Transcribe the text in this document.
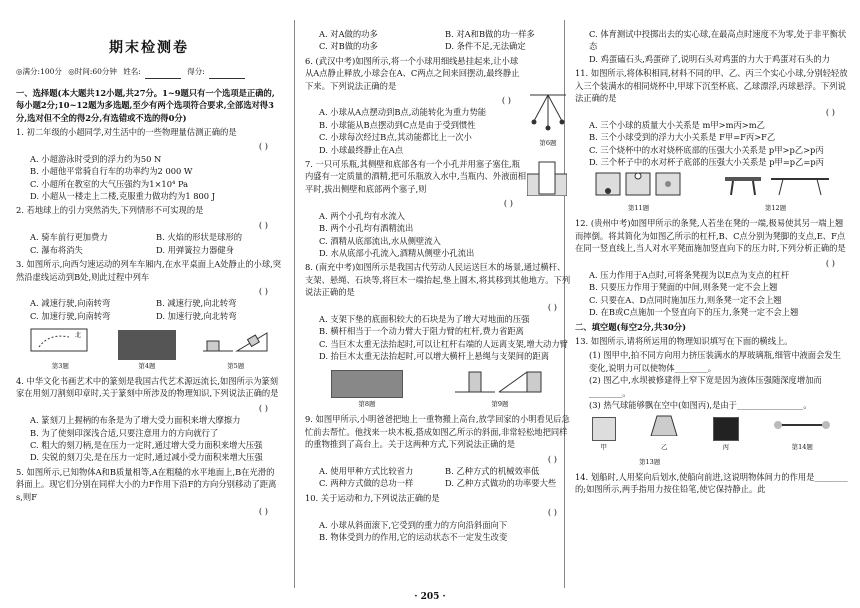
期末检测卷
◎满分:100分 ◎时间:60分钟 姓名:	得分:
一、选择题(本大题共12小题,共27分。1~9题只有一个选项是正确的,每小题2分;10~12题为多选题,至少有两个选项符合要求,全部选对得3分,选对但不全的得2分,有选错或不选的得0分)
1. 初二年级的小超同学,对生活中的一些物理量估测正确的是
( )
A. 小超游泳时受到的浮力约为50 N
B. 小超他平常骑自行车的功率约为2 000 W
C. 小超所在教室的大气压强约为1×10⁴ Pa
D. 小超从一楼走上二楼,克服重力做功约为1 800 J
2. 若地球上的引力突然消失,下列情形不可实现的是
( )
A. 骑车前行更加费力	B. 火焰的形状是球形的
C. 瀑布将消失	D. 用弹簧拉力器健身
3. 如图所示,向西匀速运动的列车车厢内,在水平桌面上A处静止的小球,突然沿虚线运动到B处,则此过程中列车
( )
A. 减速行驶,向南转弯	B. 减速行驶,向北转弯
C. 加速行驶,向南转弯	D. 加速行驶,向北转弯
北
第3题	第4题	第5题
4. 中华文化书画艺术中的篆刻是我国古代艺术源远流长,如图所示为篆刻家在用刻刀割刻印章时,关于篆刻中所涉及的物理知识,下列说法正确的是
( )
A. 篆刻刀上握柄的布条是为了增大受力面积来增大摩擦力
B. 为了使刻印深浅合适,只要注意用力的方向就行了
C. 粗大的刻刀柄,是在压力一定时,通过增大受力面积来增大压强
D. 尖锐的刻刀尖,是在压力一定时,通过减小受力面积来增大压强
5. 如图所示,已知物体A和B质量相等,A在粗糙的水平地面上,B在光滑的斜面上。现它们分别在同样大小的力F作用下沿F的方向分别移动了距离s,则F
( )
A. 对A做的功多	B. 对A和B做的功一样多
C. 对B做的功多	D. 条件不足,无法确定
6. (武汉中考)如图所示,将一个小球用细线悬挂起来,让小球从A点静止释放,小球会在A、C两点之间来回摆动,最终静止下来。下列说法正确的是
( )
A. 小球从A点摆动到B点,动能转化为重力势能
B. 小球能从B点摆动到C点是由于受到惯性
C. 小球每次经过B点,其动能都比上一次小
D. 小球最终静止在A点
第6题
7. 一只可乐瓶,其侧壁和底部各有一个小孔并用塞子塞住,瓶内盛有一定质量的酒精,把可乐瓶放入水中,当瓶内、外液面相平时,拔出侧壁和底部两个塞子,则
( )
A. 两个小孔均有水流入
B. 两个小孔均有酒精流出
C. 酒精从底部流出,水从侧壁流入
D. 水从底部小孔流入,酒精从侧壁小孔流出
8. (南充中考)如图所示是我国古代劳动人民运送巨木的场景,通过横杆、支架、悬绳、石块等,将巨木一端抬起,垫上圆木,将其移到其他地方。下列说法正确的是
( )
A. 支架下垫的底面积较大的石块是为了增大对地面的压强
B. 横杆相当于一个动力臂大于阻力臂的杠杆,费力省距离
C. 当巨木太重无法抬起时,可以让杠杆右端的人远离支架,增大动力臂
D. 抬巨木太重无法抬起时,可以增大横杆上悬绳与支架间的距离
第8题	第9题
9. 如图甲所示,小明爸爸把地上一重物搬上高台,放学回家的小明看见后急忙前去帮忙。他找来一块木板,搭成如图乙所示的斜面,非常轻松地把同样的重物推到了高台上。关于这两种方式,下列说法正确的是
( )
A. 使用甲种方式比较省力	B. 乙种方式的机械效率低
C. 两种方式做的总功一样	D. 乙种方式做功的功率要大些
10. 关于运动和力,下列说法正确的是
( )
A. 小球从斜面滚下,它受到的重力的方向沿斜面向下
B. 物体受到力的作用,它的运动状态不一定发生改变
C. 体育测试中投掷出去的实心球,在最高点时速度不为零,处于非平衡状态
D. 鸡蛋磕石头,鸡蛋碎了,说明石头对鸡蛋的力大于鸡蛋对石头的力
11. 如图所示,将体积相同,材料不同的甲、乙、丙三个实心小球,分别轻轻放入三个装满水的相同烧杯中,甲球下沉至杯底、乙球漂浮,丙球悬浮。下列说法正确的是
( )
A. 三个小球的质量大小关系是 m甲>m丙>m乙
B. 三个小球受到的浮力大小关系是 F甲=F丙>F乙
C. 三个烧杯中的水对烧杯底部的压强大小关系是 p甲>p乙>p丙
D. 三个杯子中的水对杯子底部的压强大小关系是 p甲=p乙=p丙
第11题	第12题
12. (贵州中考)如图甲所示的条凳,人若坐在凳的一端,极易使其另一端上翘而摔倒。将其简化为如图乙所示的杠杆,B、C点分别为凳脚的支点,E、F点在同一竖直线上,当人对水平凳面施加竖直向下的压力时,下列分析正确的是
( )
A. 压力作用于A点时,可将条凳视为以E点为支点的杠杆
B. 只要压力作用于凳面的中间,则条凳一定不会上翘
C. 只要在A、D点同时施加压力,则条凳一定不会上翘
D. 在B或C点施加一个竖直向下的压力,条凳一定不会上翘
二、填空题(每空2分,共30分)
13. 如图所示,请将所运用的物理知识填写在下面的横线上。
(1) 图甲中,拍不同方向用力挤压装满水的厚玻璃瓶,细管中液面会发生变化,说明力可以使物体________。
(2) 图乙中,水坝被修建得上窄下宽是因为液体压强随深度增加而________。
(3) 热气球能够飘在空中(如图丙),是由于________________。
甲	乙	丙	第14题
第13题
14. 划船时,人用桨向后划水,使船向前进,这说明物体间力的作用是________的;如图所示,两手指用力按住铅笔,使它保持静止。此
· 205 ·
